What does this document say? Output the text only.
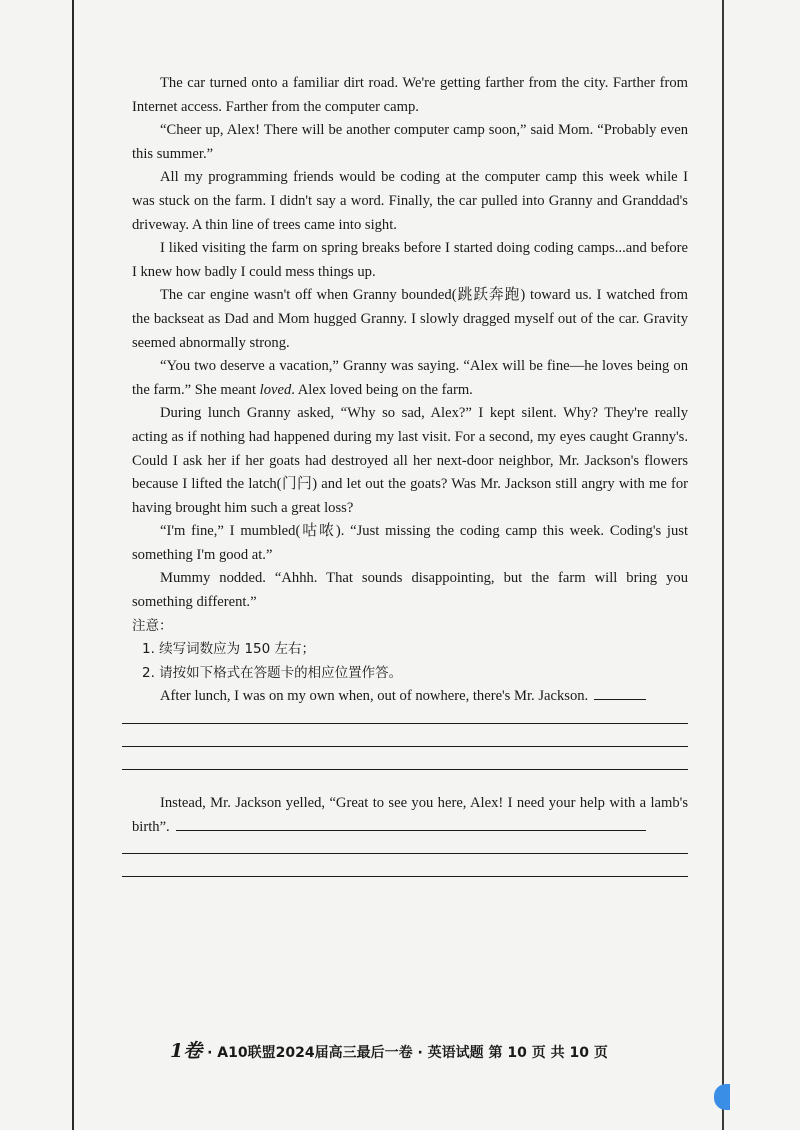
The car turned onto a familiar dirt road. We're getting farther from the city. Farther from Internet access. Farther from the computer camp.

“Cheer up, Alex! There will be another computer camp soon,” said Mom. “Probably even this summer.”

All my programming friends would be coding at the computer camp this week while I was stuck on the farm. I didn't say a word. Finally, the car pulled into Granny and Granddad's driveway. A thin line of trees came into sight.

I liked visiting the farm on spring breaks before I started doing coding camps...and before I knew how badly I could mess things up.

The car engine wasn't off when Granny bounded(跳跃奔跑) toward us. I watched from the backseat as Dad and Mom hugged Granny. I slowly dragged myself out of the car. Gravity seemed abnormally strong.

“You two deserve a vacation,” Granny was saying. “Alex will be fine—he loves being on the farm.” She meant loved. Alex loved being on the farm.

During lunch Granny asked, “Why so sad, Alex?” I kept silent. Why? They're really acting as if nothing had happened during my last visit. For a second, my eyes caught Granny's. Could I ask her if her goats had destroyed all her next-door neighbor, Mr. Jackson's flowers because I lifted the latch(门闩) and let out the goats? Was Mr. Jackson still angry with me for having brought him such a great loss?

“I'm fine,” I mumbled(咕哝). “Just missing the coding camp this week. Coding's just something I'm good at.”

Mummy nodded. “Ahhh. That sounds disappointing, but the farm will bring you something different.”

注意：

1. 续写词数应为 150 左右；

2. 请按如下格式在答题卡的相应位置作答。

After lunch, I was on my own when, out of nowhere, there's Mr. Jackson.

Instead, Mr. Jackson yelled, “Great to see you here, Alex! I need your help with a lamb's birth”.

1卷 · A10联盟2024届高三最后一卷 · 英语试题 第 10 页 共 10 页
